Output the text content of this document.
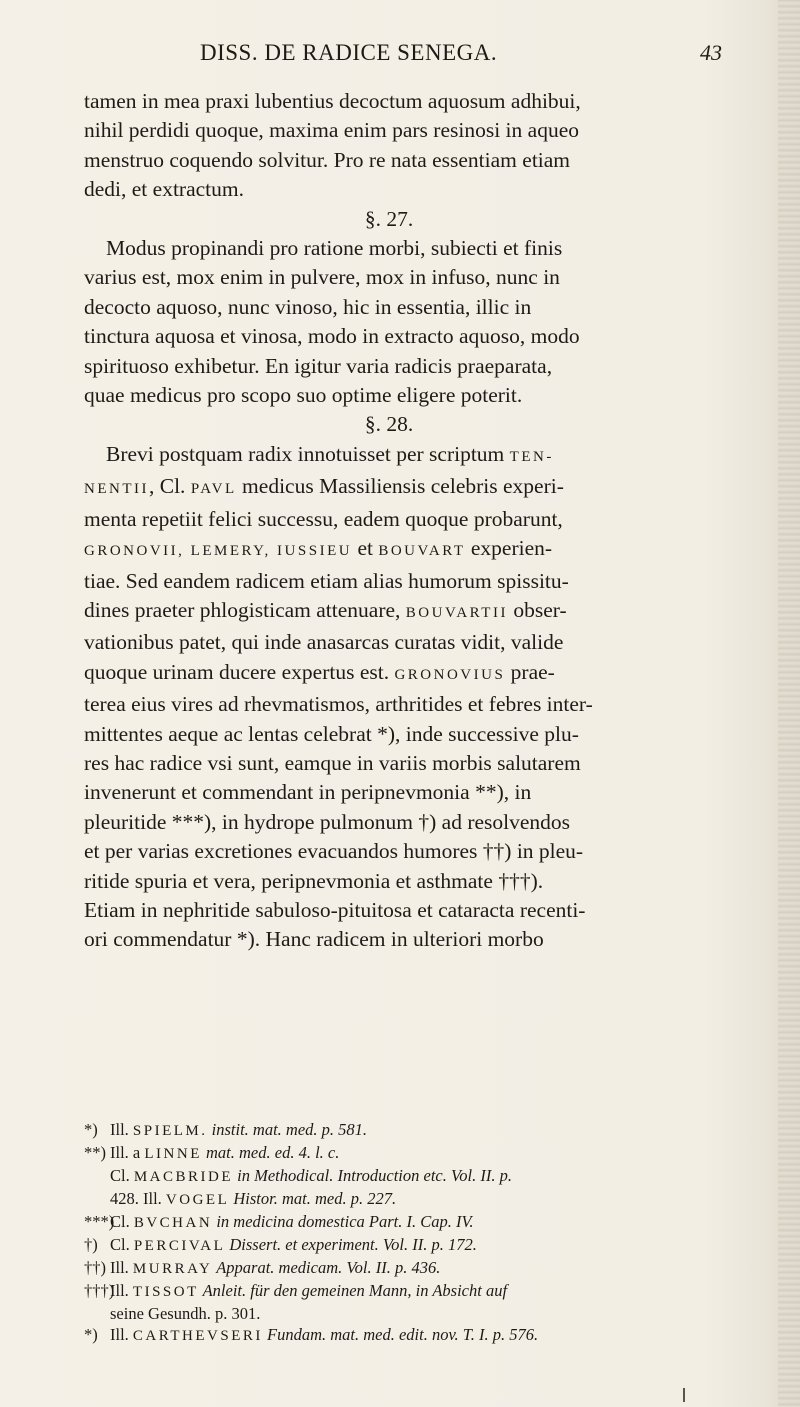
DISS. DE RADICE SENEGA.	43
tamen in mea praxi lubentius decoctum aquosum adhibui,
nihil perdidi quoque, maxima enim pars resinosi in aqueo
menstruo coquendo solvitur. Pro re nata essentiam etiam
dedi, et extractum.
§. 27.
Modus propinandi pro ratione morbi, subiecti et finis
varius est, mox enim in pulvere, mox in infuso, nunc in
decocto aquoso, nunc vinoso, hic in essentia, illic in
tinctura aquosa et vinosa, modo in extracto aquoso, modo
spirituoso exhibetur. En igitur varia radicis praeparata,
quae medicus pro scopo suo optime eligere poterit.
§. 28.
Brevi postquam radix innotuisset per scriptum TEN-
NENTII, Cl. PAVL medicus Massiliensis celebris experi-
menta repetiit felici successu, eadem quoque probarunt,
GRONOVII, LEMERY, IUSSIEU et BOUVART experien-
tiae. Sed eandem radicem etiam alias humorum spissitu-
dines praeter phlogisticam attenuare, BOUVARTII obser-
vationibus patet, qui inde anasarcas curatas vidit, valide
quoque urinam ducere expertus est. GRONOVIUS prae-
terea eius vires ad rhevmatismos, arthritides et febres inter-
mittentes aeque ac lentas celebrat *), inde successive plu-
res hac radice vsi sunt, eamque in variis morbis salutarem
invenerunt et commendant in peripnevmonia **), in
pleuritide ***), in hydrope pulmonum †) ad resolvendos
et per varias excretiones evacuandos humores ††) in pleu-
ritide spuria et vera, peripnevmonia et asthmate †††).
Etiam in nephritide sabuloso-pituitosa et cataracta recenti-
ori commendatur *). Hanc radicem in ulteriori morbo
*) Ill. SPIELM. instit. mat. med. p. 581.
**) Ill. a LINNE mat. med. ed. 4. l. c.
Cl. MACBRIDE in Methodical. Introduction etc. Vol. II. p.
428. Ill. VOGEL Histor. mat. med. p. 227.
***)Cl. BVCHAN in medicina domestica Part. I. Cap. IV.
†) Cl. PERCIVAL Dissert. et experiment. Vol. II. p. 172.
††) Ill. MURRAY Apparat. medicam. Vol. II. p. 436.
†††)Ill. TISSOT Anleit. für den gemeinen Mann, in Absicht auf
seine Gesundh. p. 301.
*) Ill. CARTHEVSERI Fundam. mat. med. edit. nov. T. I. p. 576.
